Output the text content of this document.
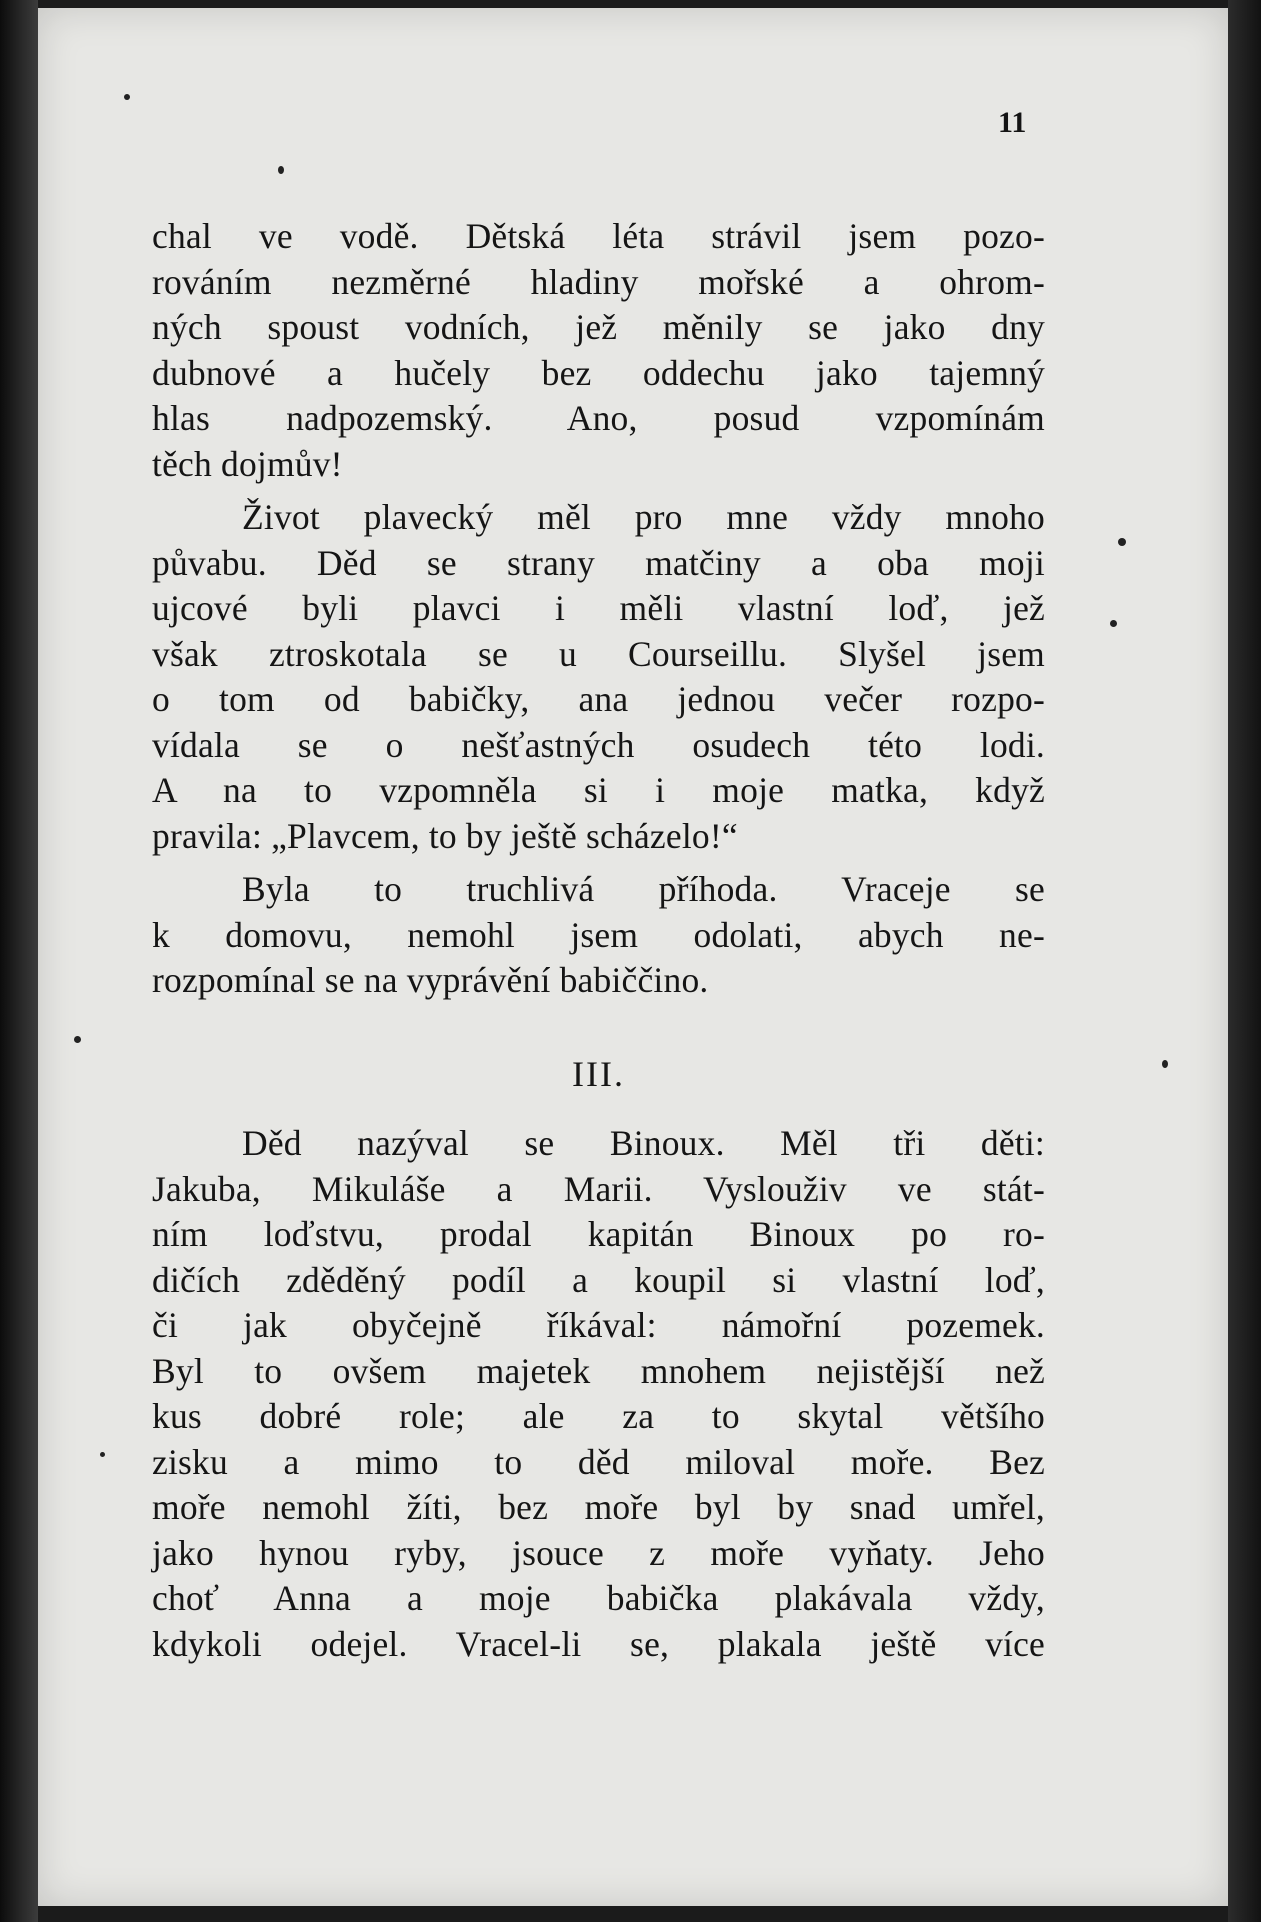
11
chal ve vodě. Dětská léta strávil jsem pozo-
rováním nezměrné hladiny mořské a ohrom-
ných spoust vodních, jež měnily se jako dny
dubnové a hučely bez oddechu jako tajemný
hlas nadpozemský. Ano, posud vzpomínám
těch dojmův!
Život plavecký měl pro mne vždy mnoho
půvabu. Děd se strany matčiny a oba moji
ujcové byli plavci i měli vlastní loď, jež
však ztroskotala se u Courseillu. Slyšel jsem
o tom od babičky, ana jednou večer rozpo-
vídala se o nešťastných osudech této lodi.
A na to vzpomněla si i moje matka, když
pravila: „Plavcem, to by ještě scházelo!“
Byla to truchlivá příhoda. Vraceje se
k domovu, nemohl jsem odolati, abych ne-
rozpomínal se na vyprávění babiččino.
III.
Děd nazýval se Binoux. Měl tři děti:
Jakuba, Mikuláše a Marii. Vyslouživ ve stát-
ním loďstvu, prodal kapitán Binoux po ro-
dičích zděděný podíl a koupil si vlastní loď,
či jak obyčejně říkával: námořní pozemek.
Byl to ovšem majetek mnohem nejistější než
kus dobré role; ale za to skytal většího
zisku a mimo to děd miloval moře. Bez
moře nemohl žíti, bez moře byl by snad umřel,
jako hynou ryby, jsouce z moře vyňaty. Jeho
choť Anna a moje babička plakávala vždy,
kdykoli odejel. Vracel-li se, plakala ještě více
